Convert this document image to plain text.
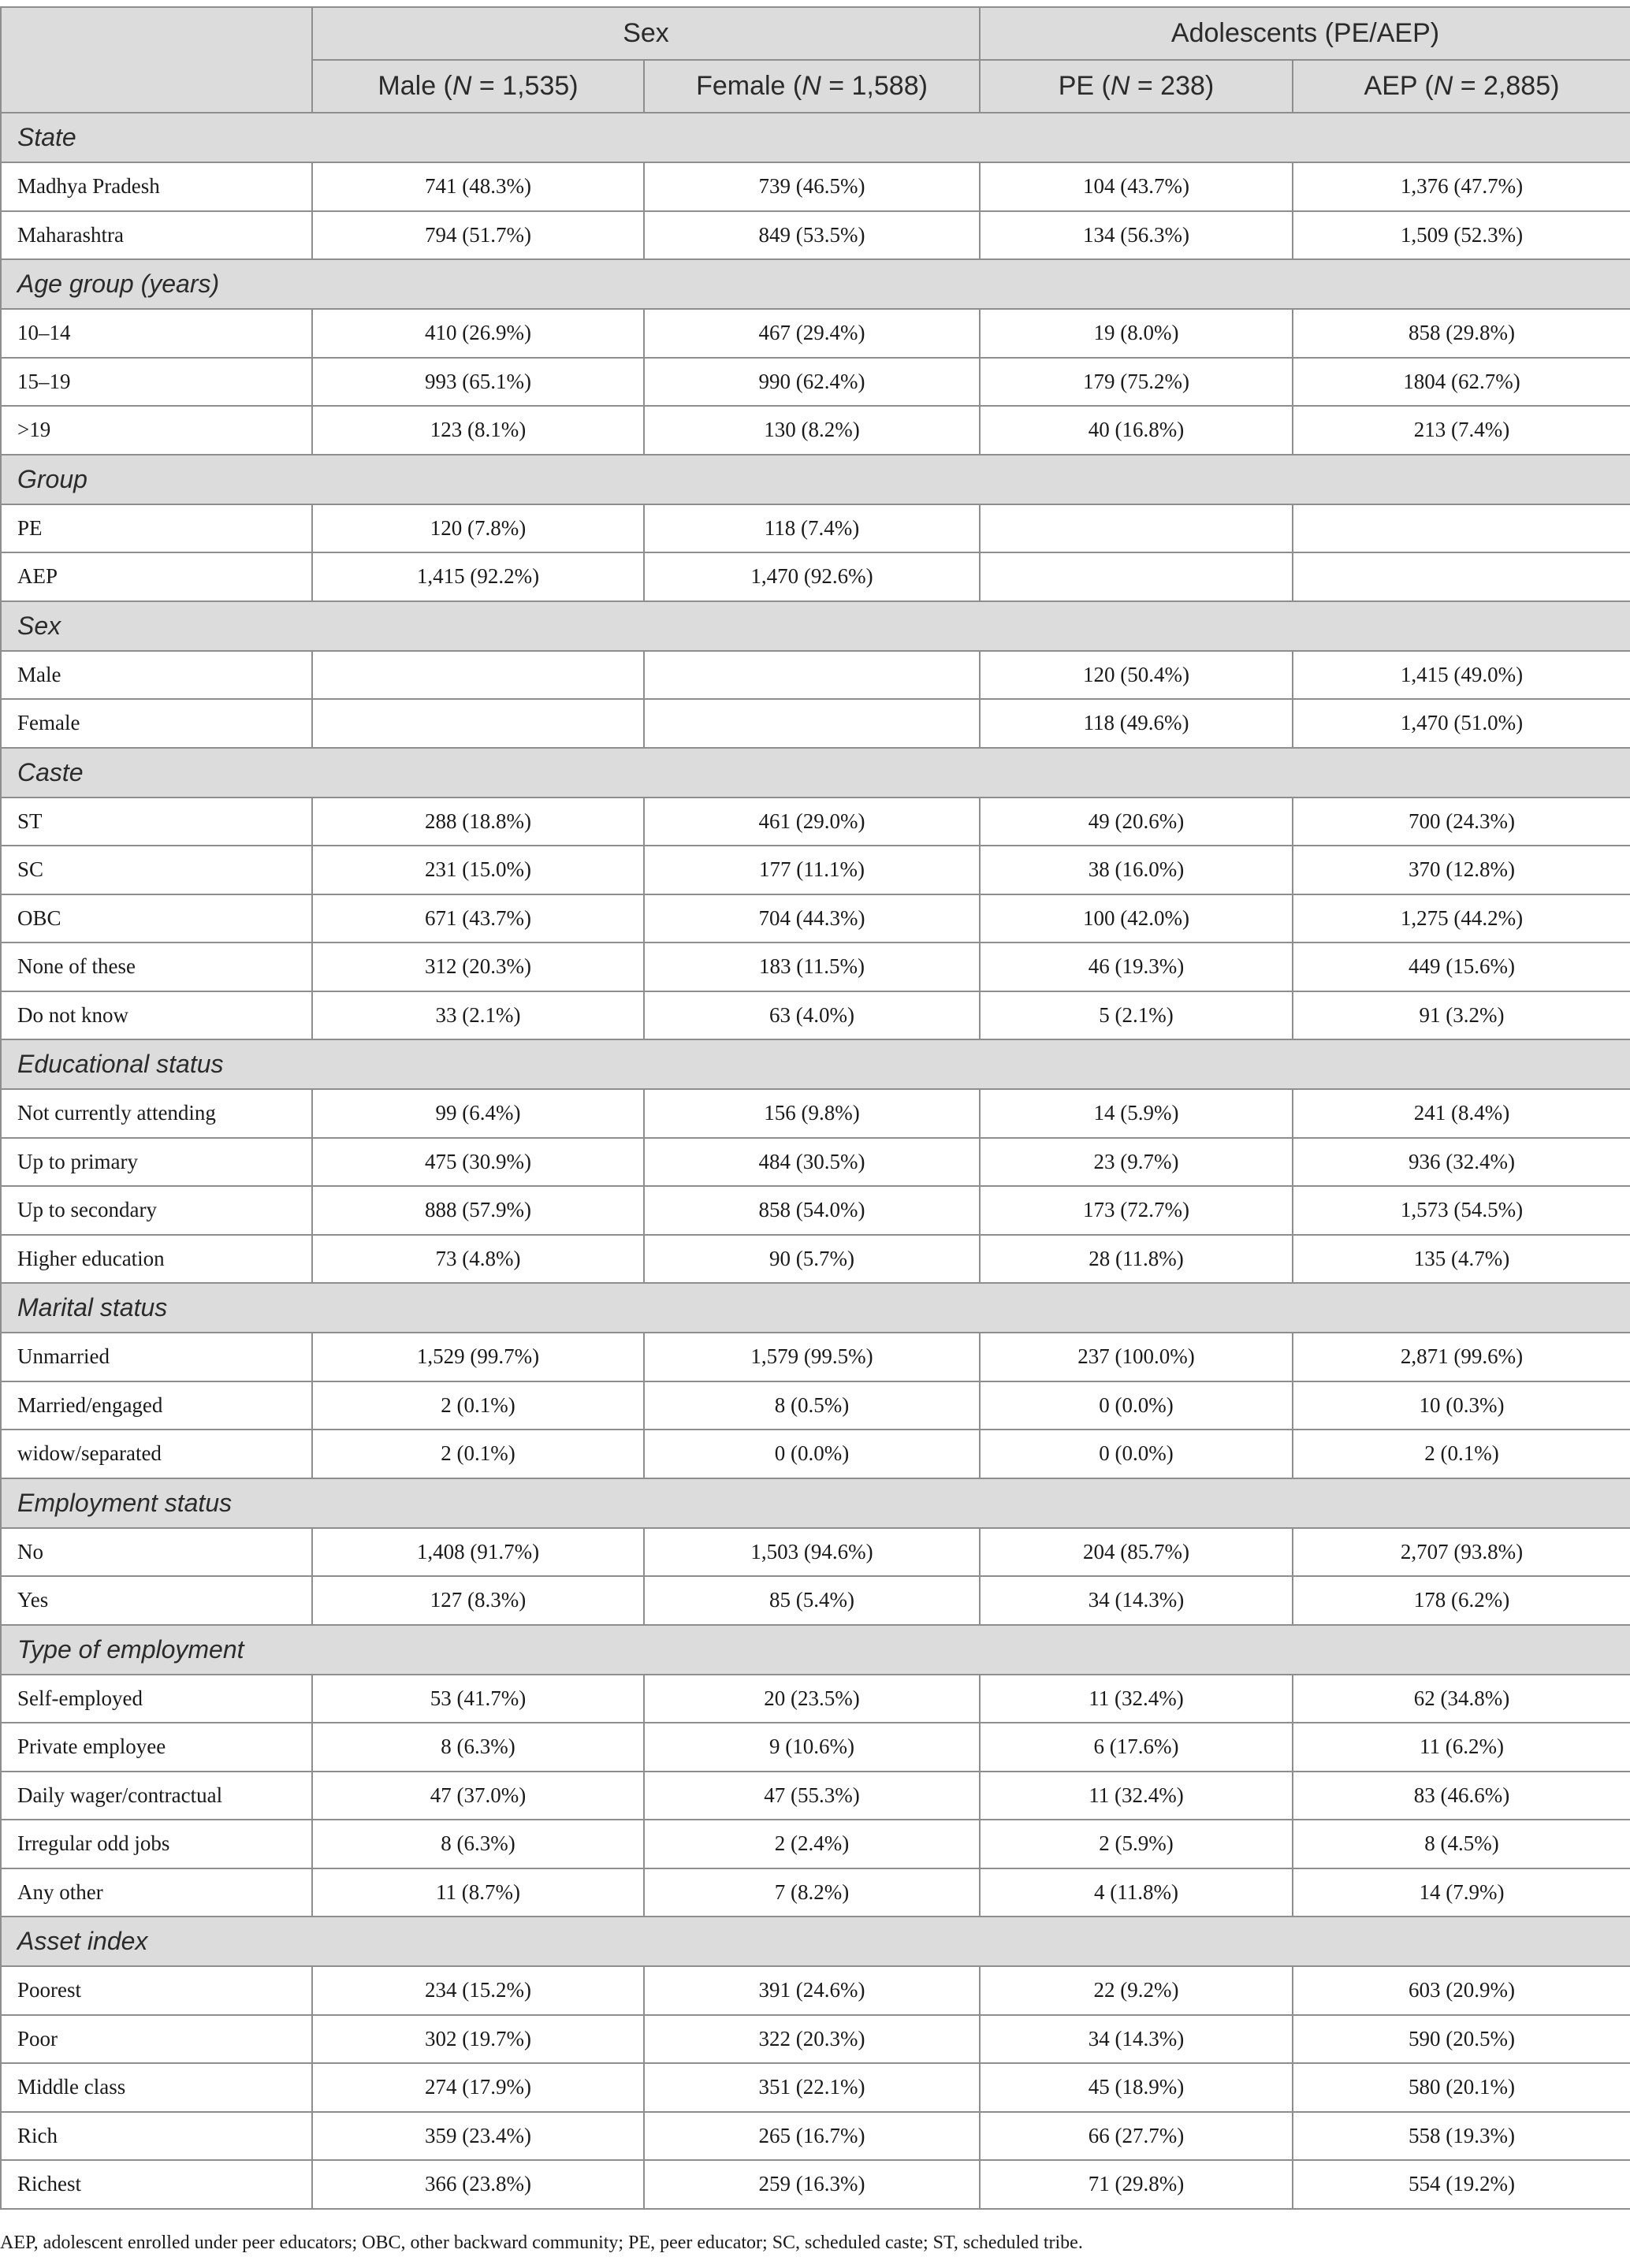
	Sex		Adolescents (PE/AEP)	
	Male (N = 1,535)	Female (N = 1,588)	PE (N = 238)	AEP (N = 2,885)
State				
Madhya Pradesh	741 (48.3%)	739 (46.5%)	104 (43.7%)	1,376 (47.7%)
Maharashtra	794 (51.7%)	849 (53.5%)	134 (56.3%)	1,509 (52.3%)
Age group (years)				
10–14	410 (26.9%)	467 (29.4%)	19 (8.0%)	858 (29.8%)
15–19	993 (65.1%)	990 (62.4%)	179 (75.2%)	1804 (62.7%)
>19	123 (8.1%)	130 (8.2%)	40 (16.8%)	213 (7.4%)
Group				
PE	120 (7.8%)	118 (7.4%)		
AEP	1,415 (92.2%)	1,470 (92.6%)		
Sex				
Male			120 (50.4%)	1,415 (49.0%)
Female			118 (49.6%)	1,470 (51.0%)
Caste				
ST	288 (18.8%)	461 (29.0%)	49 (20.6%)	700 (24.3%)
SC	231 (15.0%)	177 (11.1%)	38 (16.0%)	370 (12.8%)
OBC	671 (43.7%)	704 (44.3%)	100 (42.0%)	1,275 (44.2%)
None of these	312 (20.3%)	183 (11.5%)	46 (19.3%)	449 (15.6%)
Do not know	33 (2.1%)	63 (4.0%)	5 (2.1%)	91 (3.2%)
Educational status				
Not currently attending	99 (6.4%)	156 (9.8%)	14 (5.9%)	241 (8.4%)
Up to primary	475 (30.9%)	484 (30.5%)	23 (9.7%)	936 (32.4%)
Up to secondary	888 (57.9%)	858 (54.0%)	173 (72.7%)	1,573 (54.5%)
Higher education	73 (4.8%)	90 (5.7%)	28 (11.8%)	135 (4.7%)
Marital status				
Unmarried	1,529 (99.7%)	1,579 (99.5%)	237 (100.0%)	2,871 (99.6%)
Married/engaged	2 (0.1%)	8 (0.5%)	0 (0.0%)	10 (0.3%)
widow/separated	2 (0.1%)	0 (0.0%)	0 (0.0%)	2 (0.1%)
Employment status				
No	1,408 (91.7%)	1,503 (94.6%)	204 (85.7%)	2,707 (93.8%)
Yes	127 (8.3%)	85 (5.4%)	34 (14.3%)	178 (6.2%)
Type of employment				
Self-employed	53 (41.7%)	20 (23.5%)	11 (32.4%)	62 (34.8%)
Private employee	8 (6.3%)	9 (10.6%)	6 (17.6%)	11 (6.2%)
Daily wager/contractual	47 (37.0%)	47 (55.3%)	11 (32.4%)	83 (46.6%)
Irregular odd jobs	8 (6.3%)	2 (2.4%)	2 (5.9%)	8 (4.5%)
Any other	11 (8.7%)	7 (8.2%)	4 (11.8%)	14 (7.9%)
Asset index				
Poorest	234 (15.2%)	391 (24.6%)	22 (9.2%)	603 (20.9%)
Poor	302 (19.7%)	322 (20.3%)	34 (14.3%)	590 (20.5%)
Middle class	274 (17.9%)	351 (22.1%)	45 (18.9%)	580 (20.1%)
Rich	359 (23.4%)	265 (16.7%)	66 (27.7%)	558 (19.3%)
Richest	366 (23.8%)	259 (16.3%)	71 (29.8%)	554 (19.2%)
AEP, adolescent enrolled under peer educators; OBC, other backward community; PE, peer educator; SC, scheduled caste; ST, scheduled tribe.
